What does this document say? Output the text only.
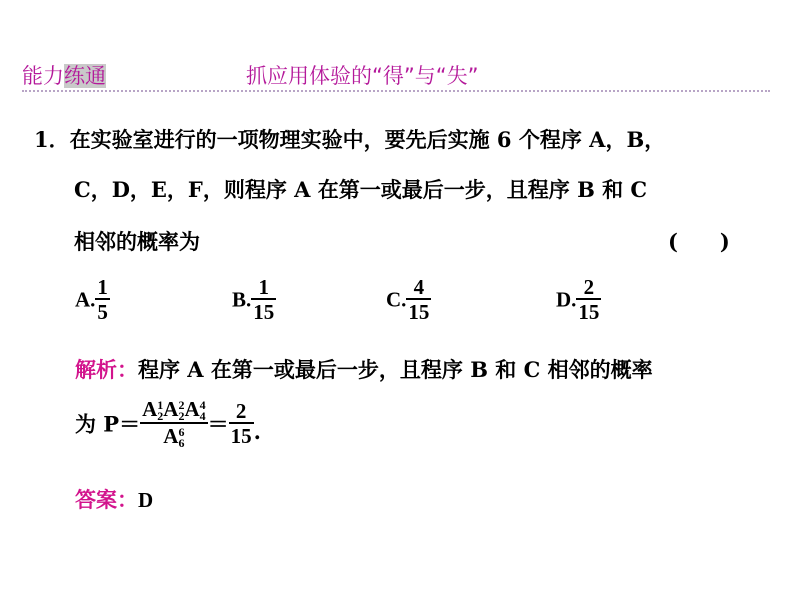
能力练通	抓应用体验的“得”与“失”
1．在实验室进行的一项物理实验中，要先后实施 6 个程序 A，B，
C，D，E，F，则程序 A 在第一或最后一步，且程序 B 和 C
相邻的概率为	(　　)
A. $\frac{1}{5}$	B. $\frac{1}{15}$	C. $\frac{4}{15}$	D. $\frac{2}{15}$
解析：程序 A 在第一或最后一步，且程序 B 和 C 相邻的概率
为 P＝ A 1
2 A 2
2 A 4
4
A 6
$6 = \frac{2}{15}$ .
答案：D
